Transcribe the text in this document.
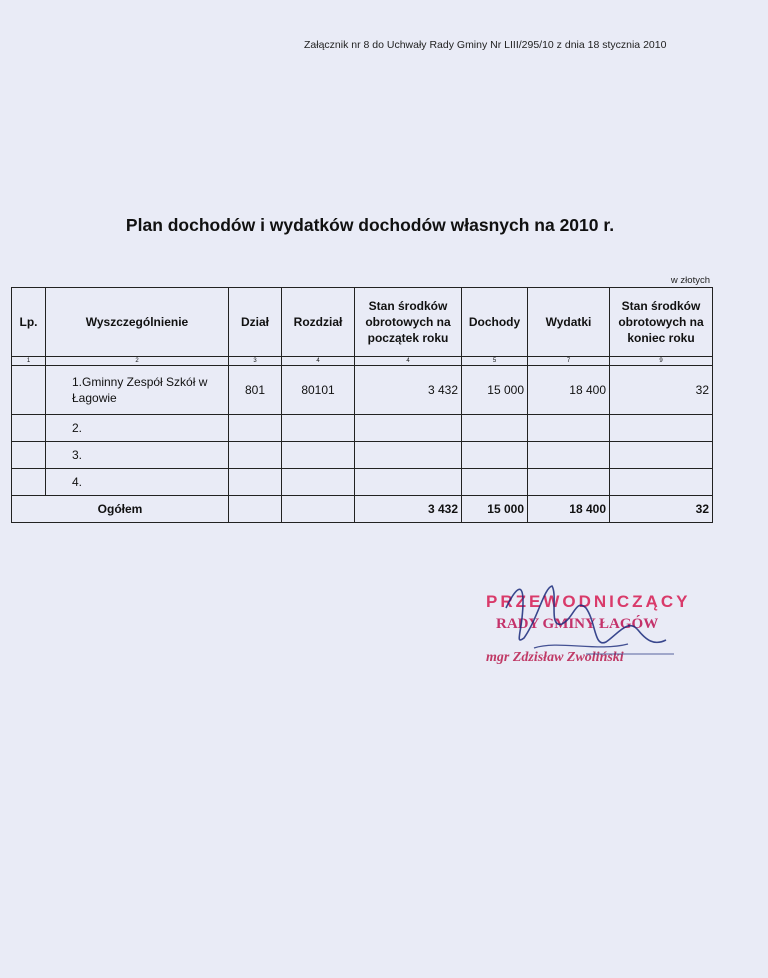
Załącznik nr 8 do Uchwały Rady Gminy Nr LIII/295/10 z dnia 18 stycznia 2010
Plan dochodów i wydatków dochodów własnych na 2010 r.
w złotych
Lp.	Wyszczególnienie	Dział	Rozdział	Stan środków obrotowych na początek roku	Dochody	Wydatki	Stan środków obrotowych na koniec roku
1	2	3	4	4	5	7	9
	1.Gminny Zespół Szkół w Łagowie	801	80101	3 432	15 000	18 400	32
	2.						
	3.						
	4.						
Ogółem				3 432	15 000	18 400	32
PRZEWODNICZĄCY
RADY GMINY ŁAGÓW
mgr Zdzisław Zwoliński
